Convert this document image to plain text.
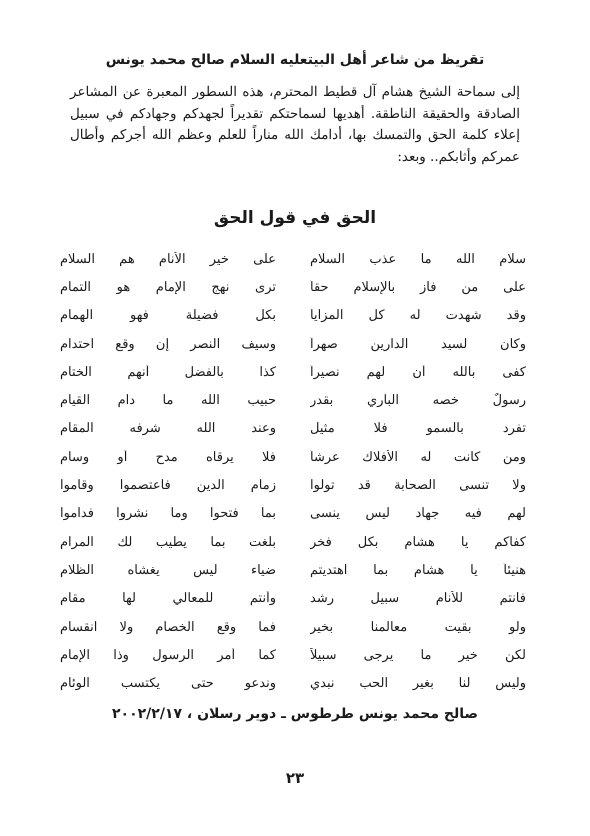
تقريظ من شاعر أهل البيتعليه السلام صالح محمد يونس

إلى سماحة الشيخ هشام آل قطيط المحترم، هذه السطور المعبرة عن المشاعر الصادقة والحقيقة الناطقة. أهديها لسماحتكم تقديراً لجهدكم وجهادكم في سبيل إعلاء كلمة الحق والتمسك بها، أدامك الله مناراً للعلم وعظم الله أجركم وأطال عمركم وأثابكم.. وبعد:

الحق في قول الحق
سلام الله ما عذب السلام
على خير الأنام هم السلام
على من فاز بالإسلام حقاً
ترى نهج الإمام هو التمام
وقد شهدت له كل المزايا
بكل فضيلة فهو الهمام
وكان لسيد الدارين صهراً
وسيف النصر إن وقع احتدام
كفى بالله أن لهم نصيراً
كذا بالفضل أنهم الختام
رسولٌ خصه الباري بقدر
حبيب الله ما دام القيام
تفرد بالسمو فلا مثيل
وعند الله شرفه المقام
ومن كانت له الأفلاك عرشاً
فلا يرقاه مدح أو وسام
ولا تنسى الصحابة قد تولوا
زمام الدين فاعتصموا وقاموا
لهم فيه جهاد ليس ينسى
بما فتحوا وما نشروا فداموا
كفاكم يا هشام بكل فخر
بلغت بما يطيب لك المرام
هنيئاً يا هشام بما اهتديتم
ضياء ليس يغشاه الظلام
فأنتم للأنام سبيل رشد
وأنتم للمعالي لها مقام
ولو بقيت معالمنا بخير
فما وقع الخصام ولا انقسام
لكن خير ما يرجى سبيلاً
كما أمر الرسول وذا الإمام
وليس لنا بغير الحب نبدي
وندعو حتى يكتسب الوئام
صالح محمد يونس طرطوس ـ دوير رسلان ، ٢٠٠٢/٢/١٧
٢٣
